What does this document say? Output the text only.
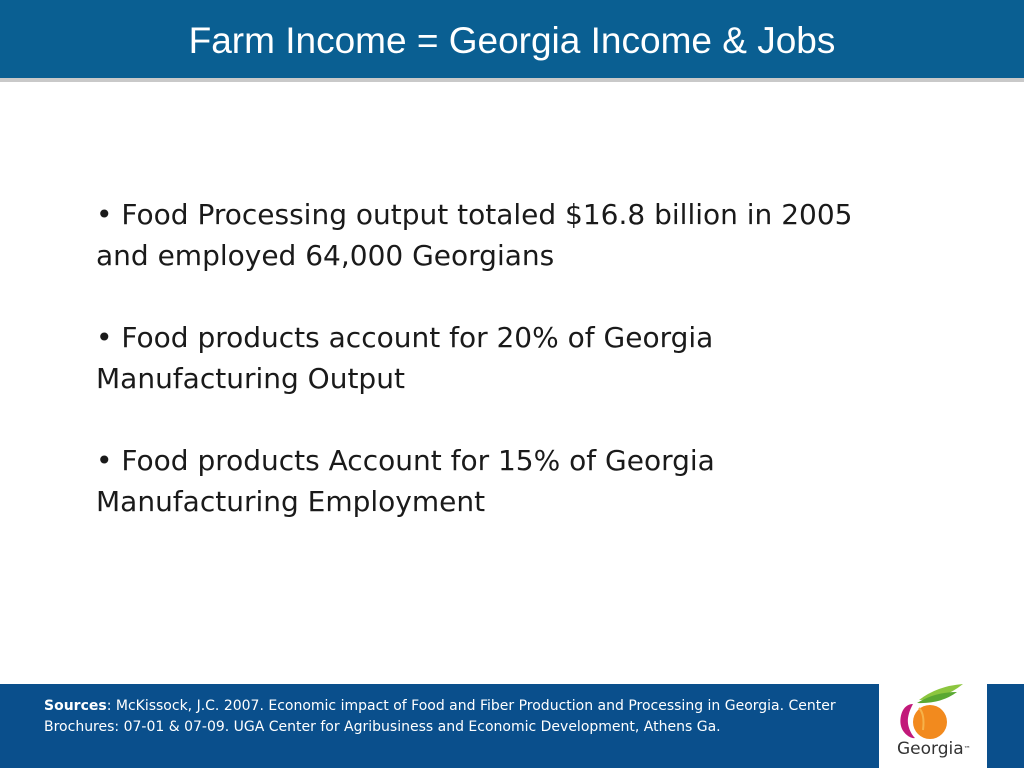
Farm Income = Georgia Income & Jobs

• Food Processing output totaled $16.8 billion in 2005 and employed 64,000 Georgians

• Food products account for 20% of Georgia Manufacturing Output

• Food products Account for 15% of Georgia Manufacturing Employment

Sources: McKissock, J.C. 2007. Economic impact of Food and Fiber Production and Processing in Georgia. Center Brochures: 07-01 & 07-09. UGA Center for Agribusiness and Economic Development, Athens Ga.

Georgia™
